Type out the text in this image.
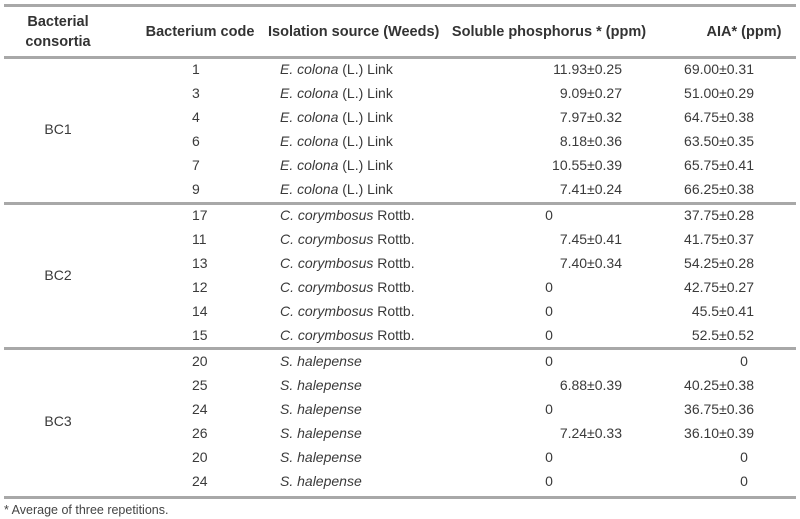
Bacterial consortia	Bacterium code	Isolation source (Weeds)	Soluble phosphorus * (ppm)	AIA* (ppm)
BC1	1	E. colona (L.) Link	11.93±0.25	69.00±0.31
	3	E. colona (L.) Link	9.09±0.27	51.00±0.29
	4	E. colona (L.) Link	7.97±0.32	64.75±0.38
	6	E. colona (L.) Link	8.18±0.36	63.50±0.35
	7	E. colona (L.) Link	10.55±0.39	65.75±0.41
	9	E. colona (L.) Link	7.41±0.24	66.25±0.38

BC2	17	C. corymbosus Rottb.	0	37.75±0.28
	11	C. corymbosus Rottb.	7.45±0.41	41.75±0.37
	13	C. corymbosus Rottb.	7.40±0.34	54.25±0.28
	12	C. corymbosus Rottb.	0	42.75±0.27
	14	C. corymbosus Rottb.	0	45.5±0.41
	15	C. corymbosus Rottb.	0	52.5±0.52

BC3	20	S. halepense	0	0
	25	S. halepense	6.88±0.39	40.25±0.38
	24	S. halepense	0	36.75±0.36
	26	S. halepense	7.24±0.33	36.10±0.39
	20	S. halepense	0	0
	24	S. halepense	0	0
* Average of three repetitions.
